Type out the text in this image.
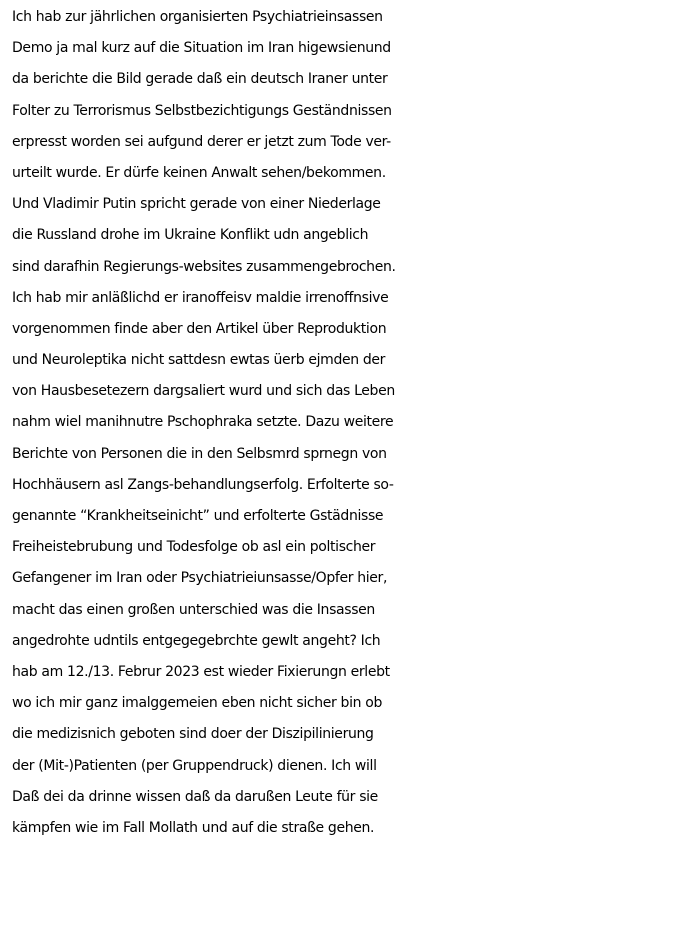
Ich hab zur jährlichen organisierten Psychiatrieinsassen
Demo ja mal kurz auf die Situation im Iran higewsienund
da berichte die Bild gerade daß ein deutsch Iraner unter
Folter zu Terrorismus Selbstbezichtigungs Geständnissen
erpresst worden sei aufgund derer er jetzt zum Tode ver-
urteilt wurde. Er dürfe keinen Anwalt sehen/bekommen.
Und Vladimir Putin spricht gerade von einer Niederlage
die Russland drohe im Ukraine Konflikt udn angeblich
sind darafhin Regierungs-websites zusammengebrochen.
Ich hab mir anläßlichd er iranoffeisv maldie irrenoffnsive
vorgenommen finde aber den Artikel über Reproduktion
und Neuroleptika nicht sattdesn ewtas üerb ejmden der
von Hausbesetezern dargsaliert wurd und sich das Leben
nahm wiel manihnutre Pschophraka setzte. Dazu weitere
Berichte von Personen die in den Selbsmrd sprnegn von
Hochhäusern asl Zangs-behandlungserfolg. Erfolterte so-
genannte “Krankheitseinicht” und erfolterte Gstädnisse
Freiheistebrubung und Todesfolge ob asl ein poltischer
Gefangener im Iran oder Psychiatrieiunsasse/Opfer hier,
macht das einen großen unterschied was die Insassen
angedrohte udntils entgegegebrchte gewlt angeht? Ich
hab am 12./13. Februr 2023 est wieder Fixierungn erlebt
wo ich mir ganz imalggemeien eben nicht sicher bin ob
die medizisnich geboten sind doer der Diszipilinierung
der (Mit-)Patienten (per Gruppendruck) dienen. Ich will
Daß dei da drinne wissen daß da darußen Leute für sie
kämpfen wie im Fall Mollath und auf die straße gehen.
